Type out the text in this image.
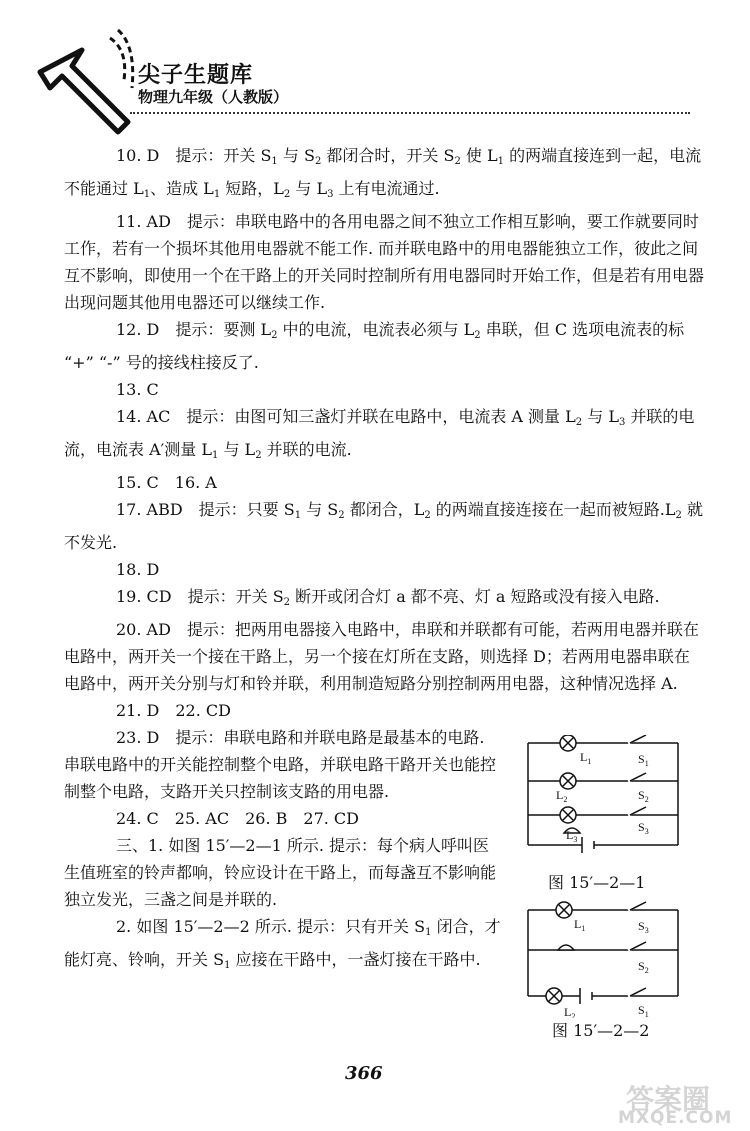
尖子生题库
物理九年级（人教版）

10. D　提示：开关 $S_1$ 与 $S_2$ 都闭合时，开关 $S_2$ 使 $L_1$ 的两端直接连到一起，电流不能通过 $L_1$、造成 $L_1$ 短路，$L_2$ 与 $L_3$ 上有电流通过.

11. AD　提示：串联电路中的各用电器之间不独立工作相互影响，要工作就要同时工作，若有一个损坏其他用电器就不能工作. 而并联电路中的用电器能独立工作，彼此之间互不影响，即使用一个在干路上的开关同时控制所有用电器同时开始工作，但是若有用电器出现问题其他用电器还可以继续工作.

12. D　提示：要测 $L_2$ 中的电流，电流表必须与 $L_2$ 串联，但 C 选项电流表的标 “+” “-” 号的接线柱接反了.

13. C

14. AC　提示：由图可知三盏灯并联在电路中，电流表 A 测量 $L_2$ 与 $L_3$ 并联的电流，电流表 A′测量 $L_1$ 与 $L_2$ 并联的电流.

15. C　16. A

17. ABD　提示：只要 $S_1$ 与 $S_2$ 都闭合，$L_2$ 的两端直接连接在一起而被短路$.L_2$ 就不发光.

18. D

19. CD　提示：开关 $S_2$ 断开或闭合灯 a 都不亮、灯 a 短路或没有接入电路.

20. AD　提示：把两用电器接入电路中，串联和并联都有可能，若两用电器并联在电路中，两开关一个接在干路上，另一个接在灯所在支路，则选择 D；若两用电器串联在电路中，两开关分别与灯和铃并联，利用制造短路分别控制两用电器，这种情况选择 A.

21. D　22. CD

23. D　提示：串联电路和并联电路是最基本的电路. 串联电路中的开关能控制整个电路，并联电路干路开关也能控制整个电路，支路开关只控制该支路的用电器.

24. C　25. AC　26. B　27. CD

三、1. 如图 15′—2—1 所示. 提示：每个病人呼叫医生值班室的铃声都响，铃应设计在干路上，而每盏互不影响能独立发光，三盏之间是并联的.

2. 如图 15′—2—2 所示. 提示：只有开关 $S_1$ 闭合，才能灯亮、铃响，开关 $S_1$ 应接在干路中，一盏灯接在干路中.

$L_1$	$S_1$
$L_2$	$S_2$
$L_3$
$S_3$
图 15′—2—1
$L_1$	$S_3$
$S_2$
$L_2$	$S_1$
图 15′—2—2
366
答案圈
MXQE.COM
